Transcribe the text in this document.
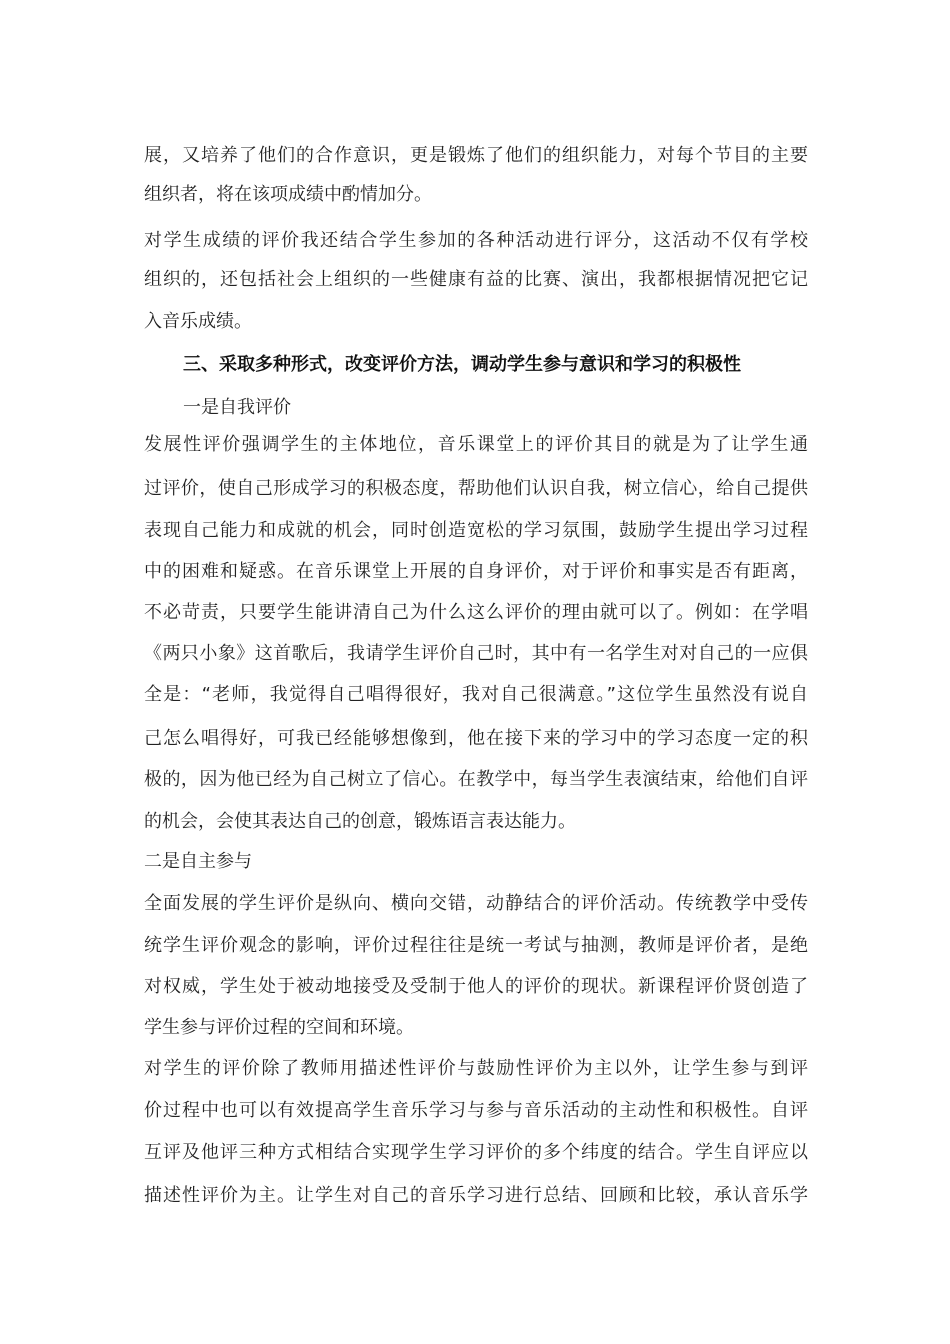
展，又培养了他们的合作意识，更是锻炼了他们的组织能力，对每个节目的主要
组织者，将在该项成绩中酌情加分。
对学生成绩的评价我还结合学生参加的各种活动进行评分，这活动不仅有学校
组织的，还包括社会上组织的一些健康有益的比赛、演出，我都根据情况把它记
入音乐成绩。
三、采取多种形式，改变评价方法，调动学生参与意识和学习的积极性
一是自我评价
发展性评价强调学生的主体地位，音乐课堂上的评价其目的就是为了让学生通
过评价，使自己形成学习的积极态度，帮助他们认识自我，树立信心，给自己提供
表现自己能力和成就的机会，同时创造宽松的学习氛围，鼓励学生提出学习过程
中的困难和疑惑。在音乐课堂上开展的自身评价，对于评价和事实是否有距离，
不必苛责，只要学生能讲清自己为什么这么评价的理由就可以了。例如：在学唱
《两只小象》这首歌后，我请学生评价自己时，其中有一名学生对对自己的一应俱
全是：“老师，我觉得自己唱得很好，我对自己很满意。”这位学生虽然没有说自
己怎么唱得好，可我已经能够想像到，他在接下来的学习中的学习态度一定的积
极的，因为他已经为自己树立了信心。在教学中，每当学生表演结束，给他们自评
的机会，会使其表达自己的创意，锻炼语言表达能力。
二是自主参与
全面发展的学生评价是纵向、横向交错，动静结合的评价活动。传统教学中受传
统学生评价观念的影响，评价过程往往是统一考试与抽测，教师是评价者，是绝
对权威，学生处于被动地接受及受制于他人的评价的现状。新课程评价贤创造了
学生参与评价过程的空间和环境。
对学生的评价除了教师用描述性评价与鼓励性评价为主以外，让学生参与到评
价过程中也可以有效提高学生音乐学习与参与音乐活动的主动性和积极性。自评
互评及他评三种方式相结合实现学生学习评价的多个纬度的结合。学生自评应以
描述性评价为主。让学生对自己的音乐学习进行总结、回顾和比较，承认音乐学
